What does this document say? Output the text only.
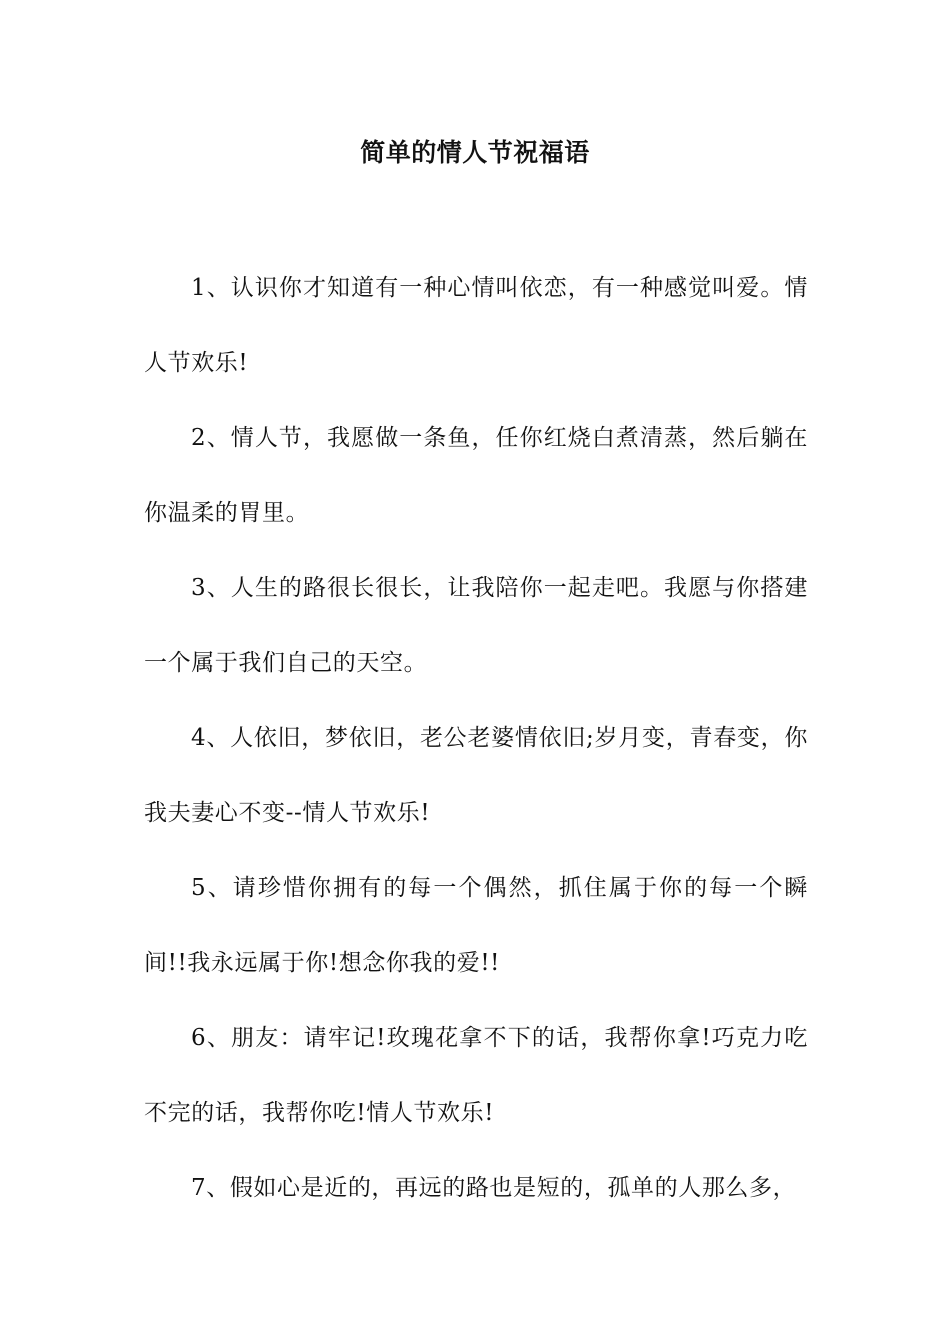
简单的情人节祝福语

1、认识你才知道有一种心情叫依恋，有一种感觉叫爱。情人节欢乐!

2、情人节，我愿做一条鱼，任你红烧白煮清蒸，然后躺在你温柔的胃里。

3、人生的路很长很长，让我陪你一起走吧。我愿与你搭建一个属于我们自己的天空。

4、人依旧，梦依旧，老公老婆情依旧;岁月变，青春变，你我夫妻心不变--情人节欢乐!

5、请珍惜你拥有的每一个偶然，抓住属于你的每一个瞬间!!我永远属于你!想念你我的爱!!

6、朋友：请牢记!玫瑰花拿不下的话，我帮你拿!巧克力吃不完的话，我帮你吃!情人节欢乐!

7、假如心是近的，再远的路也是短的，孤单的人那么多，
